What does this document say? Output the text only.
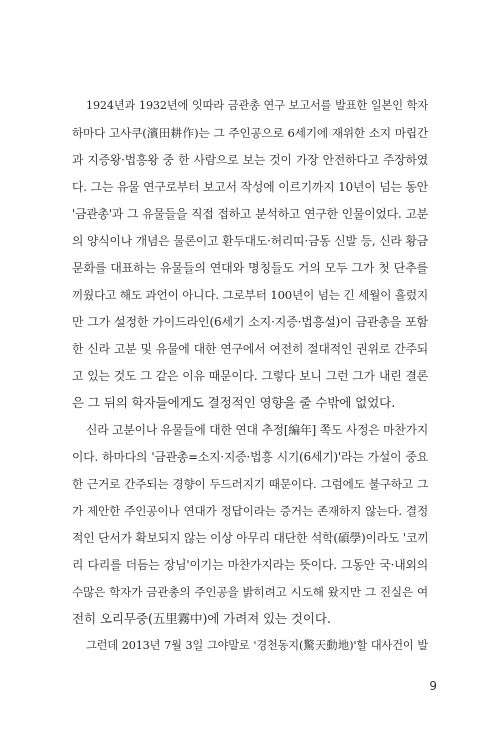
1924년과 1932년에 잇따라 금관총 연구 보고서를 발표한 일본인 학자
하마다 고사쿠(濱田耕作)는 그 주인공으로 6세기에 재위한 소지 마립간
과 지증왕·법흥왕 중 한 사람으로 보는 것이 가장 안전하다고 주장하였
다. 그는 유물 연구로부터 보고서 작성에 이르기까지 10년이 넘는 동안
'금관총'과 그 유물들을 직접 접하고 분석하고 연구한 인물이었다. 고분
의 양식이나 개념은 물론이고 환두대도·허리띠·금동 신발 등, 신라 황금
문화를 대표하는 유물들의 연대와 명칭들도 거의 모두 그가 첫 단추를
끼웠다고 해도 과언이 아니다. 그로부터 100년이 넘는 긴 세월이 흘렀지
만 그가 설정한 가이드라인(6세기 소지·지증·법흥설)이 금관총을 포함
한 신라 고분 및 유물에 대한 연구에서 여전히 절대적인 권위로 간주되
고 있는 것도 그 같은 이유 때문이다. 그렇다 보니 그런 그가 내린 결론
은 그 뒤의 학자들에게도 결정적인 영향을 줄 수밖에 없었다.
신라 고분이나 유물들에 대한 연대 추정[編年] 쪽도 사정은 마찬가지
이다. 하마다의 '금관총=소지·지증·법흥 시기(6세기)'라는 가설이 중요
한 근거로 간주되는 경향이 두드러지기 때문이다. 그럼에도 불구하고 그
가 제안한 주인공이나 연대가 정답이라는 증거는 존재하지 않는다. 결정
적인 단서가 확보되지 않는 이상 아무리 대단한 석학(碩學)이라도 '코끼
리 다리를 더듬는 장님'이기는 마찬가지라는 뜻이다. 그동안 국·내외의
수많은 학자가 금관총의 주인공을 밝히려고 시도해 왔지만 그 진실은 여
전히 오리무중(五里霧中)에 가려져 있는 것이다.
그런데 2013년 7월 3일 그야말로 '경천동지(驚天動地)'할 대사건이 발
9
